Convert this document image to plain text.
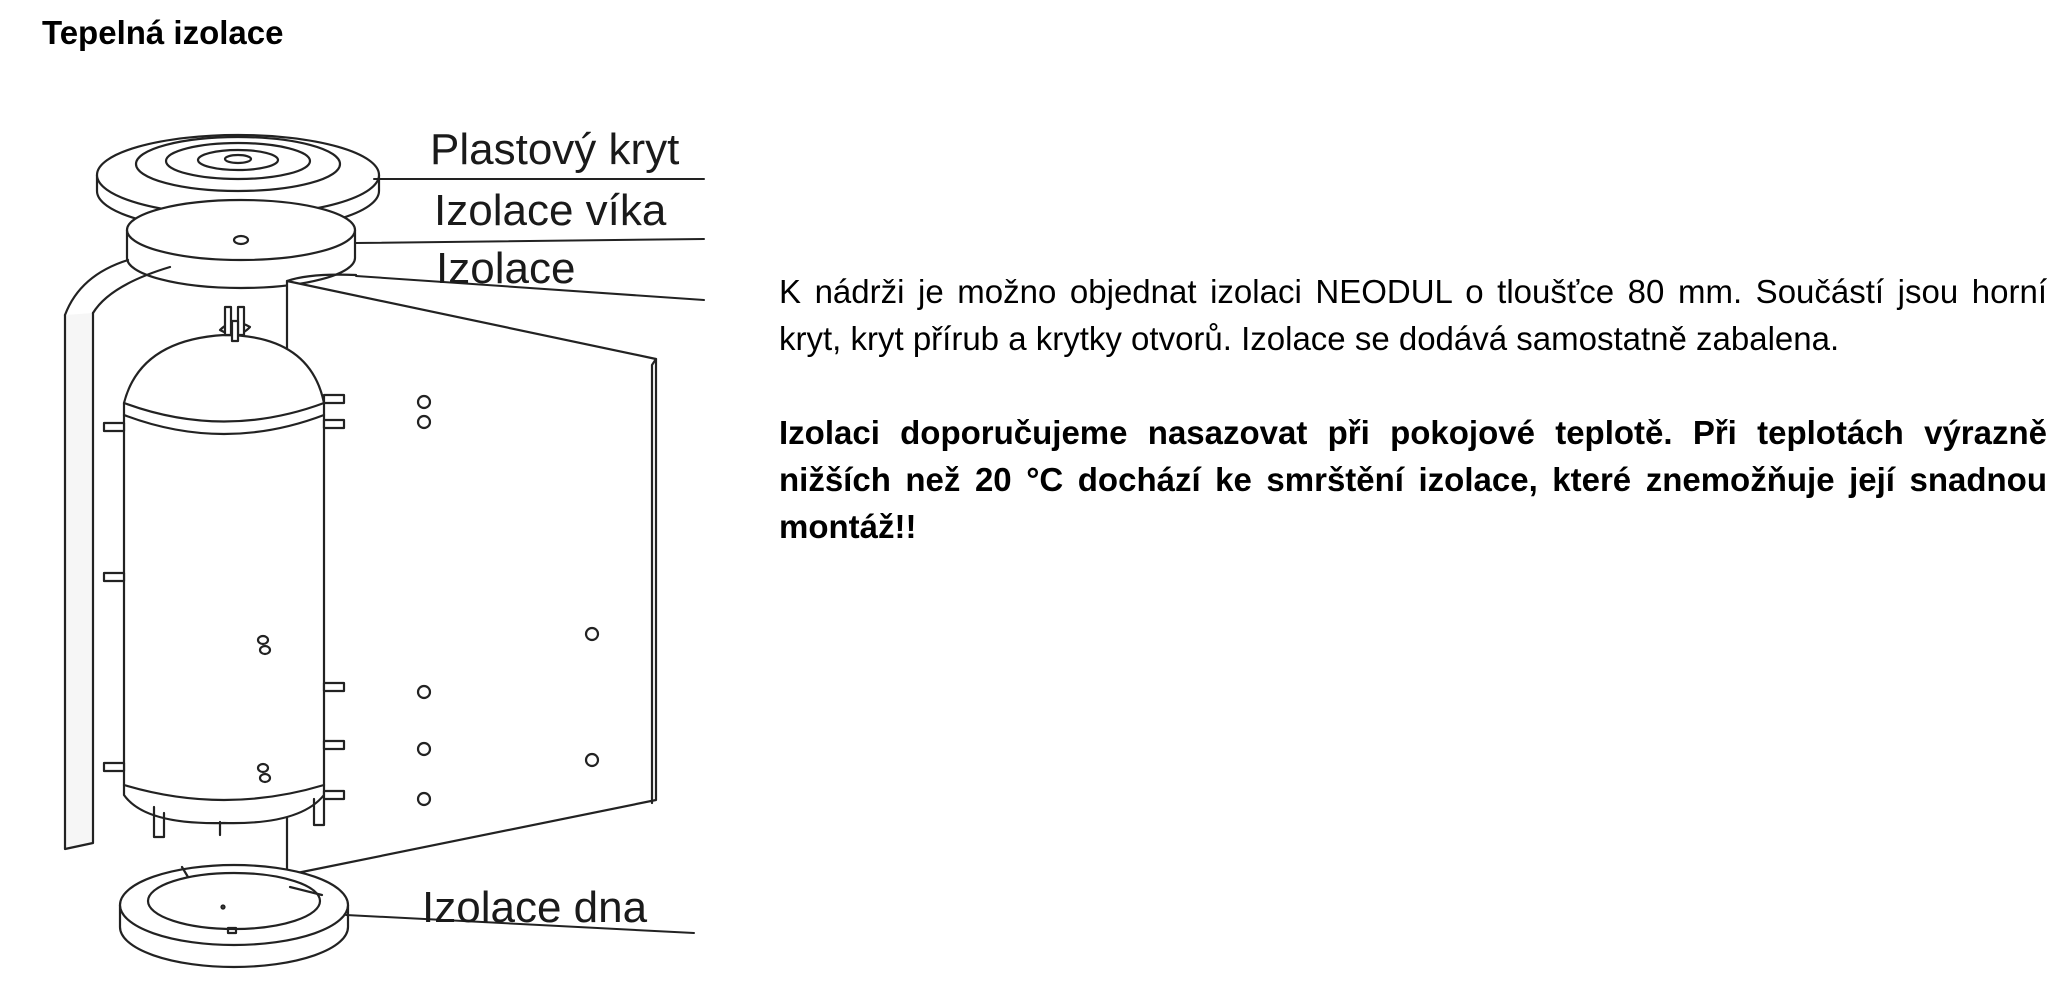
Tepelná izolace
Plastový kryt
Izolace víka
Izolace
Izolace dna

K nádrži je možno objednat izolaci NEODUL o tloušťce 80 mm. Součástí jsou horní kryt, kryt přírub a krytky otvorů. Izolace se dodává samostatně zabalena.

Izolaci doporučujeme nasazovat při pokojové teplotě. Při teplotách výrazně nižších než 20 °C dochází ke smrštění izolace, které znemožňuje její snadnou montáž!!
